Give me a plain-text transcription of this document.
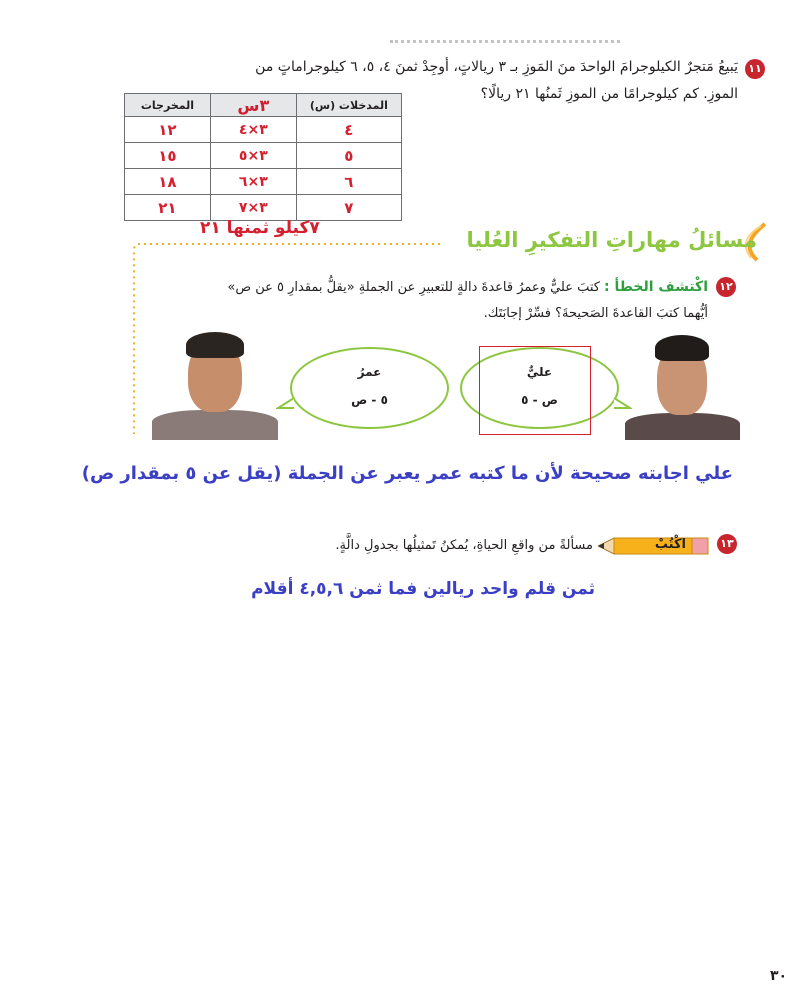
١١
يَبيعُ مَتجرٌ الكيلوجرامَ الواحدَ منَ المَوزِ بـ ٣ ريالاتٍ، أوجِدْ ثمنَ ٤، ٥، ٦ كيلوجراماتٍ من
الموزِ. كم كيلوجرامًا من الموزِ ثَمنُها ٢١ ريالًا؟
المدخلات (س)	٣س	المخرجات
٤	٣×٤	١٢
٥	٣×٥	١٥
٦	٣×٦	١٨
٧	٣×٧	٢١
٧كيلو ثمنها ٢١	مسائلُ مهاراتِ التفكيرِ العُليا
١٢
اكْتشف الخطأ :
كتبَ عليٌّ وعمرُ قاعدةَ دالةٍ للتعبيرِ عن الجملةِ «يقلُّ بمقدارِ ٥ عن ص»
أيُّهما كتبَ القاعدةَ الصَحيحةَ؟ فسِّرْ إجابَتَك.
عمرُ
٥ - ص
عليٌّ
ص - ٥
علي اجابته صحيحة لأن ما كتبه عمر يعبر عن الجملة (يقل عن ٥ بمقدار ص)
١٣
اكْتُبْ
مسألةً من واقعِ الحياةِ، يُمكنُ تَمثيلُها بجدولِ دالَّةٍ.
ثمن قلم واحد ريالين فما ثمن ٤,٥,٦ أقلام
٣٠
